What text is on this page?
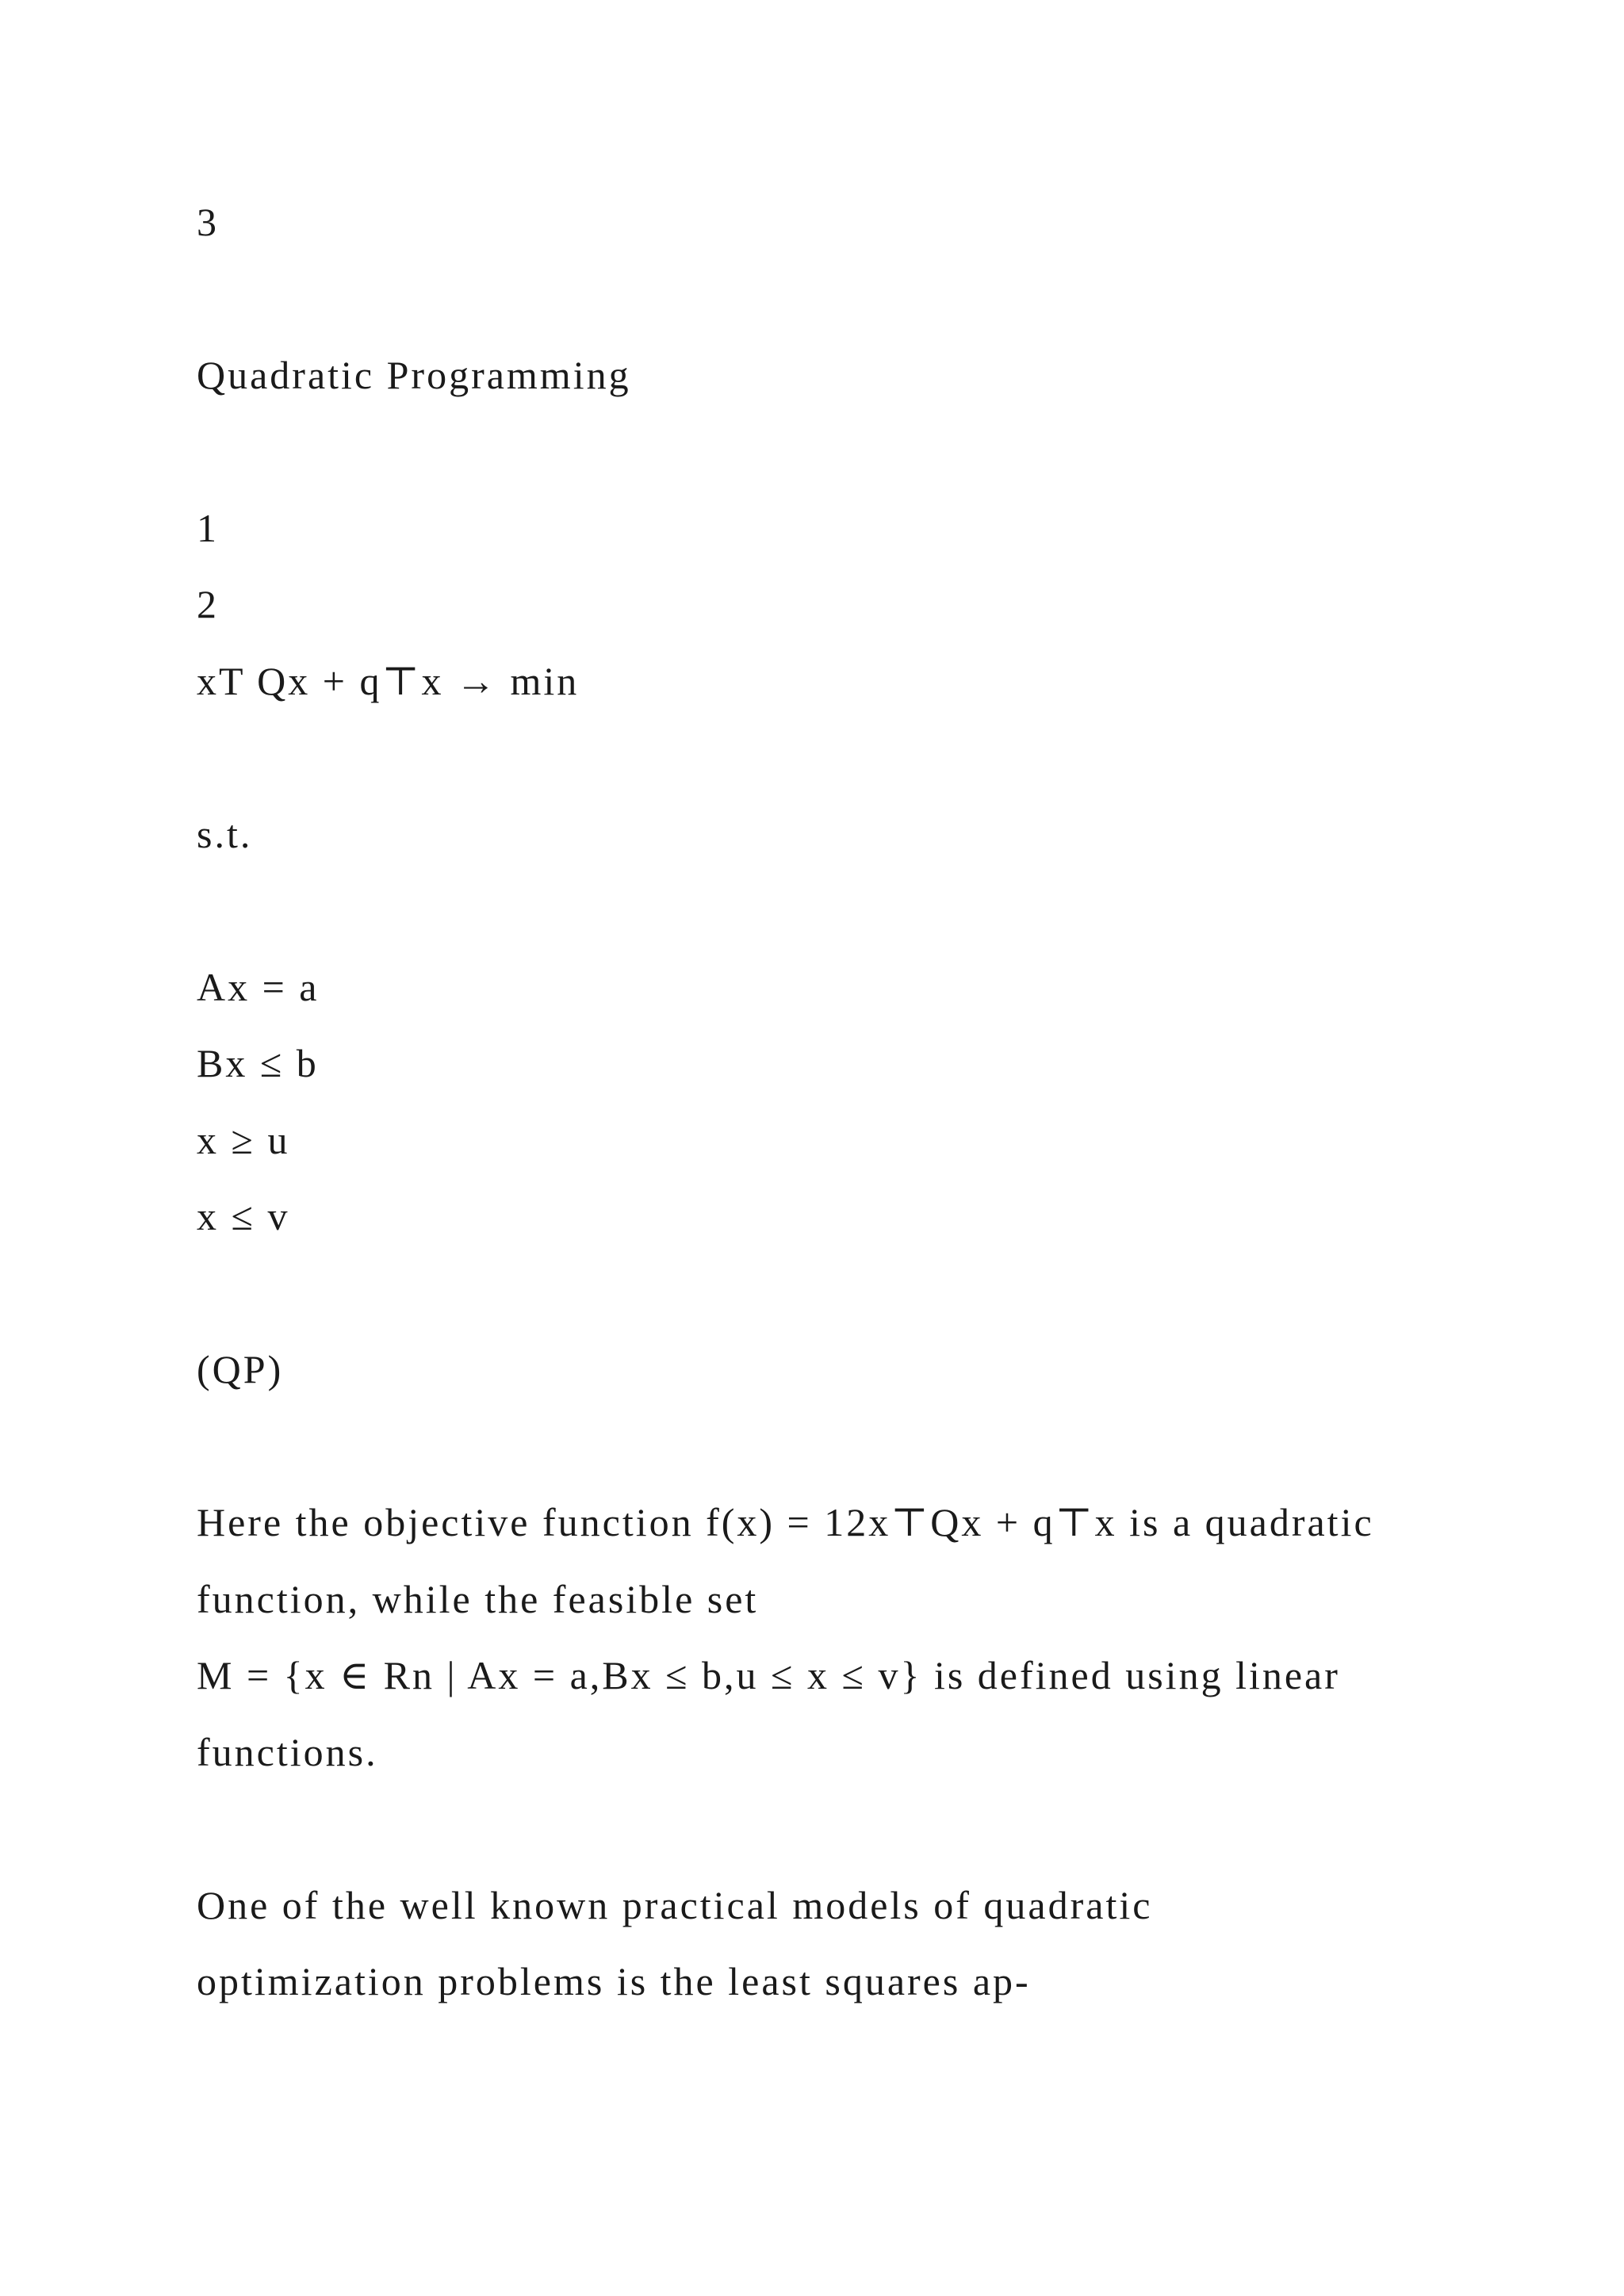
3

Quadratic Programming

1

2

xT Qx + q⊤x → min

s.t.

Ax = a

Bx ≤ b

x ≥ u

x ≤ v

(QP)

Here the objective function f(x) = 12x⊤Qx + q⊤x is a quadratic

function, while the feasible set

M = {x ∈ Rn | Ax = a,Bx ≤ b,u ≤ x ≤ v} is defined using linear

functions.

One of the well known practical models of quadratic

optimization problems is the least squares ap-
